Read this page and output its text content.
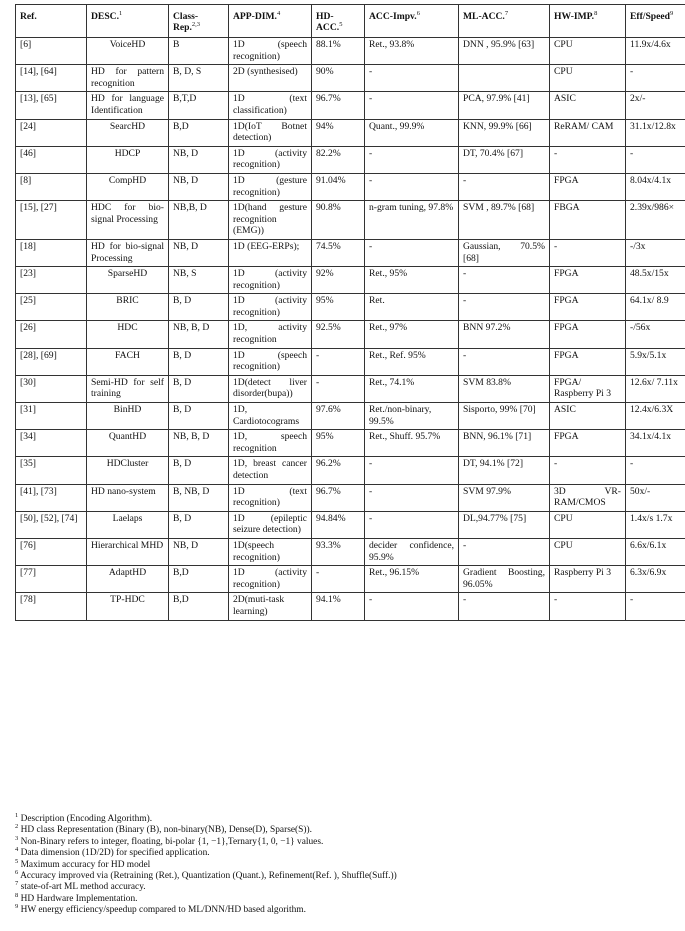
Ref.	DESC.$^1$	Class-Rep.$^{2,3}$	APP-DIM.$^4$	HD-ACC.$^5$	ACC-Impv.$^6$	ML-ACC.$^7$	HW-IMP.$^8$	Eff/Speed$^9$
[6]	VoiceHD	B	1D (speech recognition)	88.1%	Ret., 93.8%	DNN , 95.9% [63]	CPU	11.9x/4.6x
[14], [64]	HD for pattern recognition	B, D, S	2D (synthesised)	90%	-		CPU	-
[13], [65]	HD for language Identification	B,T,D	1D (text classification)	96.7%	-	PCA, 97.9% [41]	ASIC	2x/-
[24]	SearcHD	B,D	1D(IoT Botnet detection)	94%	Quant., 99.9%	KNN, 99.9% [66]	ReRAM/ CAM	31.1x/12.8x
[46]	HDCP	NB, D	1D (activity recognition)	82.2%	-	DT, 70.4% [67]	-	-
[8]	CompHD	NB, D	1D (gesture recognition)	91.04%	-	-	FPGA	8.04x/4.1x
[15], [27]	HDC for bio-signal Processing	NB,B, D	1D(hand gesture recognition (EMG))	90.8%	n-gram tuning, 97.8%	SVM , 89.7% [68]	FBGA	2.39x/986×
[18]	HD for bio-signal Processing	NB, D	1D (EEG-ERPs);	74.5%	-	Gaussian, 70.5% [68]	-	-/3x
[23]	SparseHD	NB, S	1D (activity recognition)	92%	Ret., 95%	-	FPGA	48.5x/15x
[25]	BRIC	B, D	1D (activity recognition)	95%	Ret.	-	FPGA	64.1x/ 8.9
[26]	HDC	NB, B, D	1D, activity recognition	92.5%	Ret., 97%	BNN 97.2%	FPGA	-/56x
[28], [69]	FACH	B, D	1D (speech recognition)	-	Ret., Ref. 95%	-	FPGA	5.9x/5.1x
[30]	Semi-HD for self training	B, D	1D(detect liver disorder(bupa))	-	Ret., 74.1%	SVM 83.8%	FPGA/ Raspberry Pi 3	12.6x/ 7.11x
[31]	BinHD	B, D	1D, Cardiotocograms	97.6%	Ret./non-binary, 99.5%	Sisporto, 99% [70]	ASIC	12.4x/6.3X
[34]	QuantHD	NB, B, D	1D, speech recognition	95%	Ret., Shuff. 95.7%	BNN, 96.1% [71]	FPGA	34.1x/4.1x
[35]	HDCluster	B, D	1D, breast cancer detection	96.2%	-	DT, 94.1% [72]	-	-
[41], [73]	HD nano-system	B, NB, D	1D (text recognition)	96.7%	-	SVM 97.9%	3D VR-RAM/CMOS	50x/-
[50], [52], [74]	Laelaps	B, D	1D (epileptic seizure detection)	94.84%	-	DL,94.77% [75]	CPU	1.4x/s 1.7x
[76]	Hierarchical MHD	NB, D	1D(speech recognition)	93.3%	decider confidence, 95.9%	-	CPU	6.6x/6.1x
[77]	AdaptHD	B,D	1D (activity recognition)	-	Ret., 96.15%	Gradient Boosting, 96.05%	Raspberry Pi 3	6.3x/6.9x
[78]	TP-HDC	B,D	2D(muti-task learning)	94.1%	-	-	-	-
$^1$ Description (Encoding Algorithm).
$^2$ HD class Representation (Binary (B), non-binary(NB), Dense(D), Sparse(S)).
$^3$ Non-Binary refers to integer, floating, bi-polar {1, −1},Ternary{1, 0, −1} values.
$^4$ Data dimension (1D/2D) for specified application.
$^5$ Maximum accuracy for HD model
$^6$ Accuracy improved via (Retraining (Ret.), Quantization (Quant.), Refinement(Ref. ), Shuffle(Suff.))
$^7$ state-of-art ML method accuracy.
$^8$ HD Hardware Implementation.
$^9$ HW energy efficiency/speedup compared to ML/DNN/HD based algorithm.
